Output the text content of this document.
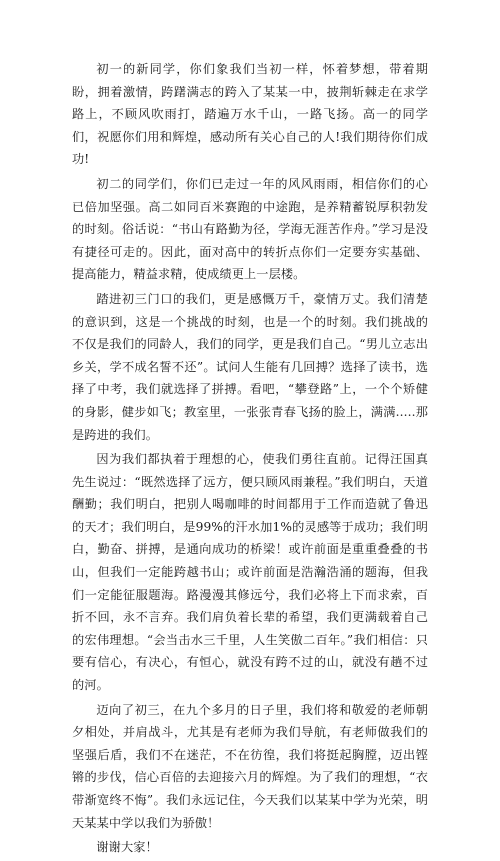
初一的新同学，你们象我们当初一样，怀着梦想，带着期盼，拥着激情，跨躇满志的跨入了某某一中，披荆斩棘走在求学路上，不顾风吹雨打，踏遍万水千山，一路飞扬。高一的同学们，祝愿你们用和辉煌，感动所有关心自己的人!我们期待你们成功!

初二的同学们，你们已走过一年的风风雨雨，相信你们的心已倍加坚强。高二如同百米赛跑的中途跑，是养精蓄锐厚积勃发的时刻。俗话说：“书山有路勤为径，学海无涯苦作舟。”学习是没有捷径可走的。因此，面对高中的转折点你们一定要夯实基础、提高能力，精益求精，使成绩更上一层楼。

踏进初三门口的我们，更是感慨万千，豪情万丈。我们清楚的意识到，这是一个挑战的时刻，也是一个的时刻。我们挑战的不仅是我们的同龄人，我们的同学，更是我们自己。“男儿立志出乡关，学不成名誓不还”。试问人生能有几回搏？选择了读书，选择了中考，我们就选择了拼搏。看吧，“攀登路”上，一个个矫健的身影，健步如飞；教室里，一张张青春飞扬的脸上，满满.....那是跨进的我们。

因为我们都执着于理想的心，使我们勇往直前。记得汪国真先生说过：“既然选择了远方，便只顾风雨兼程。”我们明白，天道酬勤；我们明白，把别人喝咖啡的时间都用于工作而造就了鲁迅的天才；我们明白，是99%的汗水加1%的灵感等于成功；我们明白，勤奋、拼搏，是通向成功的桥梁！或许前面是重重叠叠的书山，但我们一定能跨越书山；或许前面是浩瀚浩涌的题海，但我们一定能征服题海。路漫漫其修远兮，我们必将上下而求索，百折不回，永不言弃。我们肩负着长辈的希望，我们更满载着自己的宏伟理想。“会当击水三千里，人生笑傲二百年。”我们相信：只要有信心，有决心，有恒心，就没有跨不过的山，就没有趟不过的河。

迈向了初三，在九个多月的日子里，我们将和敬爱的老师朝夕相处，并肩战斗，尤其是有老师为我们导航，有老师做我们的坚强后盾，我们不在迷茫，不在彷徨，我们将挺起胸膛，迈出铿锵的步伐，信心百倍的去迎接六月的辉煌。为了我们的理想，“衣带渐宽终不悔”。我们永远记住，今天我们以某某中学为光荣，明天某某中学以我们为骄傲！

谢谢大家！
